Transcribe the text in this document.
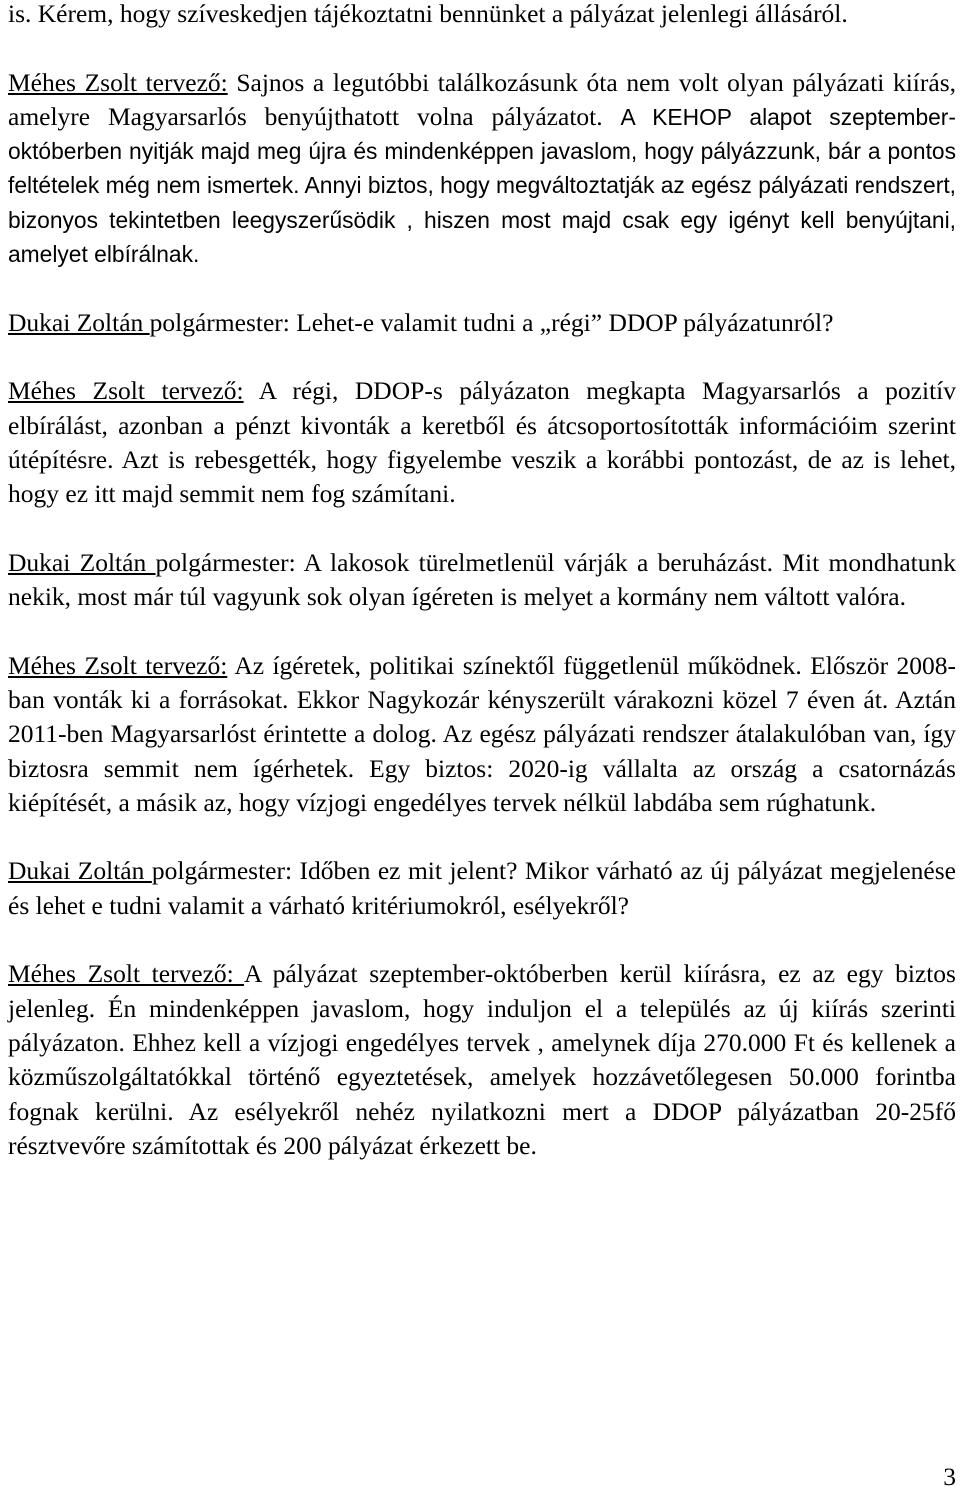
is. Kérem, hogy szíveskedjen tájékoztatni bennünket a pályázat jelenlegi állásáról.

Méhes Zsolt tervező: Sajnos a legutóbbi találkozásunk óta nem volt olyan pályázati kiírás, amelyre Magyarsarlós benyújthatott volna pályázatot. A KEHOP alapot szeptember-októberben nyitják majd meg újra és mindenképpen javaslom, hogy pályázzunk, bár a pontos feltételek még nem ismertek. Annyi biztos, hogy megváltoztatják az egész pályázati rendszert, bizonyos tekintetben leegyszerűsödik , hiszen most majd csak egy igényt kell benyújtani, amelyet elbírálnak.

Dukai Zoltán polgármester: Lehet-e valamit tudni a „régi” DDOP pályázatunról?

Méhes Zsolt tervező: A régi, DDOP-s pályázaton megkapta Magyarsarlós a pozitív elbírálást, azonban a pénzt kivonták a keretből és átcsoportosították információim szerint útépítésre. Azt is rebesgették, hogy figyelembe veszik a korábbi pontozást, de az is lehet, hogy ez itt majd semmit nem fog számítani.

Dukai Zoltán polgármester: A lakosok türelmetlenül várják a beruházást. Mit mondhatunk nekik, most már túl vagyunk sok olyan ígéreten is melyet a kormány nem váltott valóra.

Méhes Zsolt tervező: Az ígéretek, politikai színektől függetlenül működnek. Először 2008-ban vonták ki a forrásokat. Ekkor Nagykozár kényszerült várakozni közel 7 éven át. Aztán 2011-ben Magyarsarlóst érintette a dolog. Az egész pályázati rendszer átalakulóban van, így biztosra semmit nem ígérhetek. Egy biztos: 2020-ig vállalta az ország a csatornázás kiépítését, a másik az, hogy vízjogi engedélyes tervek nélkül labdába sem rúghatunk.

Dukai Zoltán polgármester: Időben ez mit jelent? Mikor várható az új pályázat megjelenése és lehet e tudni valamit a várható kritériumokról, esélyekről?

Méhes Zsolt tervező: A pályázat szeptember-októberben kerül kiírásra, ez az egy biztos jelenleg. Én mindenképpen javaslom, hogy induljon el a település az új kiírás szerinti pályázaton. Ehhez kell a vízjogi engedélyes tervek , amelynek díja 270.000 Ft és kellenek a közműszolgáltatókkal történő egyeztetések, amelyek hozzávetőlegesen 50.000 forintba fognak kerülni. Az esélyekről nehéz nyilatkozni mert a DDOP pályázatban 20-25fő résztvevőre számítottak és 200 pályázat érkezett be.

3
